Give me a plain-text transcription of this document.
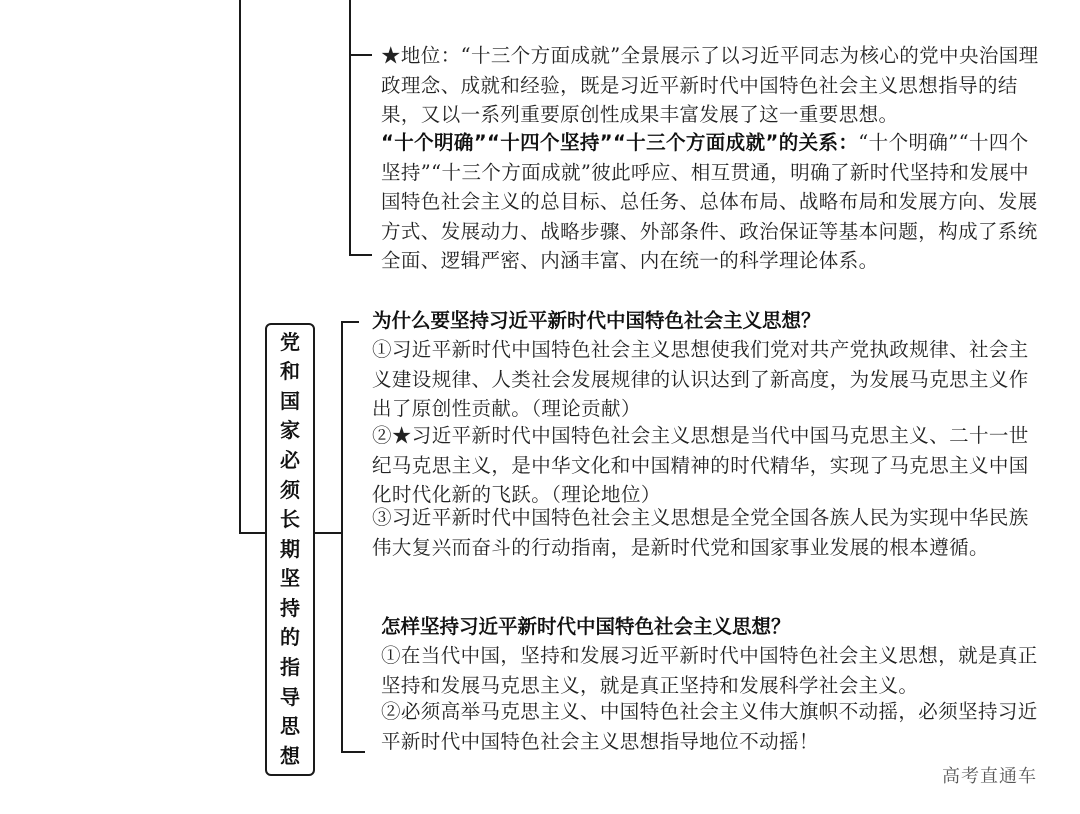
党
和
国
家
必
须
长
期
坚
持
的
指
导
思
想

★地位：“十三个方面成就”全景展示了以习近平同志为核心的党中央治国理政理念、成就和经验，既是习近平新时代中国特色社会主义思想指导的结果，又以一系列重要原创性成果丰富发展了这一重要思想。

“十个明确”“十四个坚持”“十三个方面成就”的关系：“十个明确”“十四个坚持”“十三个方面成就”彼此呼应、相互贯通，明确了新时代坚持和发展中国特色社会主义的总目标、总任务、总体布局、战略布局和发展方向、发展方式、发展动力、战略步骤、外部条件、政治保证等基本问题，构成了系统全面、逻辑严密、内涵丰富、内在统一的科学理论体系。

为什么要坚持习近平新时代中国特色社会主义思想？

①习近平新时代中国特色社会主义思想使我们党对共产党执政规律、社会主义建设规律、人类社会发展规律的认识达到了新高度，为发展马克思主义作出了原创性贡献。（理论贡献）

②★习近平新时代中国特色社会主义思想是当代中国马克思主义、二十一世纪马克思主义，是中华文化和中国精神的时代精华，实现了马克思主义中国化时代化新的飞跃。（理论地位）

③习近平新时代中国特色社会主义思想是全党全国各族人民为实现中华民族伟大复兴而奋斗的行动指南，是新时代党和国家事业发展的根本遵循。

怎样坚持习近平新时代中国特色社会主义思想？

①在当代中国，坚持和发展习近平新时代中国特色社会主义思想，就是真正坚持和发展马克思主义，就是真正坚持和发展科学社会主义。

②必须高举马克思主义、中国特色社会主义伟大旗帜不动摇，必须坚持习近平新时代中国特色社会主义思想指导地位不动摇！

高考直通车
